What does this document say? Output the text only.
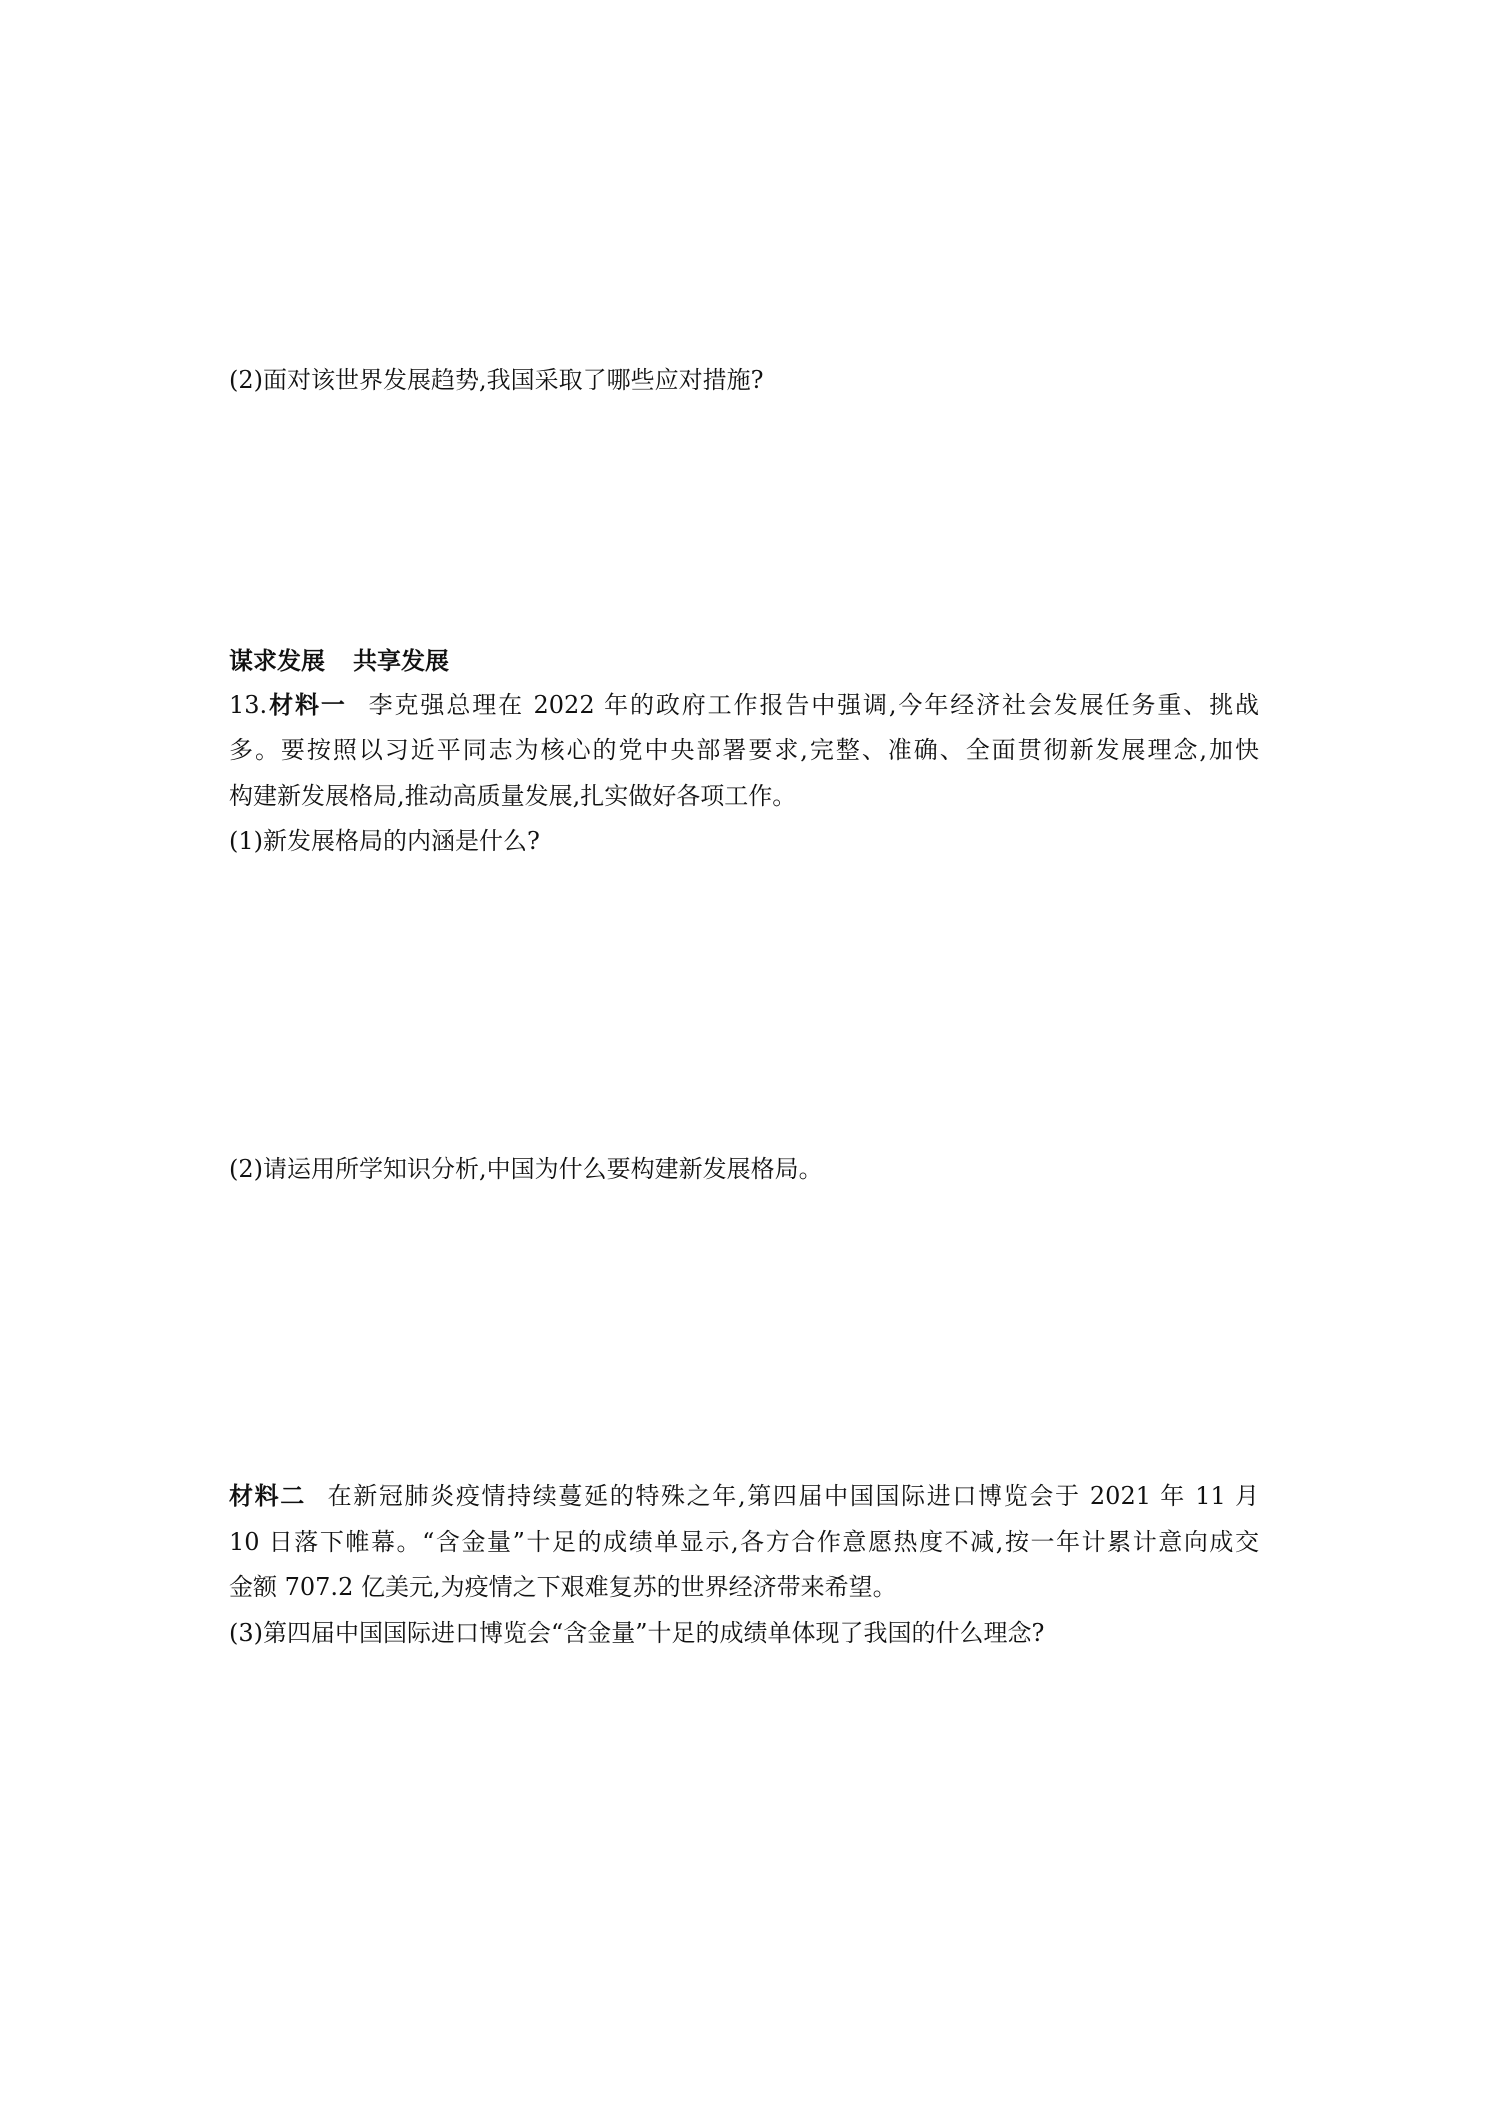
(2)面对该世界发展趋势,我国采取了哪些应对措施?

谋求发展 共享发展

13.材料一 李克强总理在 2022 年的政府工作报告中强调,今年经济社会发展任务重、挑战

多。要按照以习近平同志为核心的党中央部署要求,完整、准确、全面贯彻新发展理念,加快

构建新发展格局,推动高质量发展,扎实做好各项工作。

(1)新发展格局的内涵是什么?

(2)请运用所学知识分析,中国为什么要构建新发展格局。

材料二 在新冠肺炎疫情持续蔓延的特殊之年,第四届中国国际进口博览会于 2021 年 11 月

10 日落下帷幕。“含金量”十足的成绩单显示,各方合作意愿热度不减,按一年计累计意向成交

金额 707.2 亿美元,为疫情之下艰难复苏的世界经济带来希望。

(3)第四届中国国际进口博览会“含金量”十足的成绩单体现了我国的什么理念?
